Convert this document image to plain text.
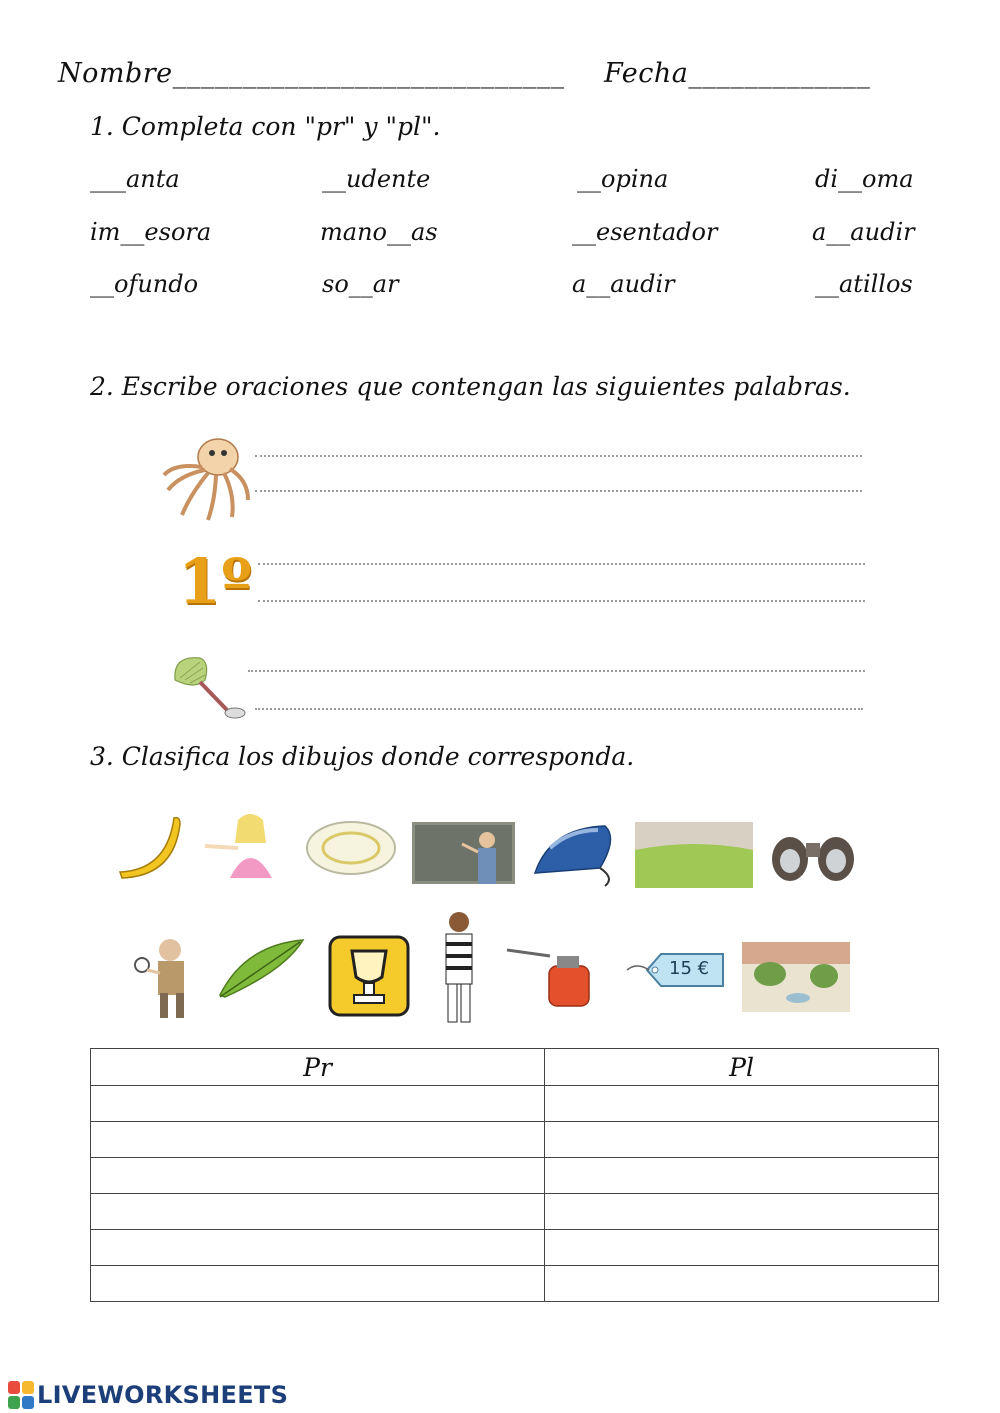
Nombre____________________________ Fecha_____________
1. Completa con "pr" y "pl".
___anta	__udente	__opina	di__oma
im__esora	mano__as	__esentador	a__audir
__ofundo	so__ar	a__audir	__atillos
2. Escribe oraciones que contengan las siguientes palabras.
1º
3. Clasifica los dibujos donde corresponda.
15 €
Pr	Pl

LIVEWORKSHEETS
